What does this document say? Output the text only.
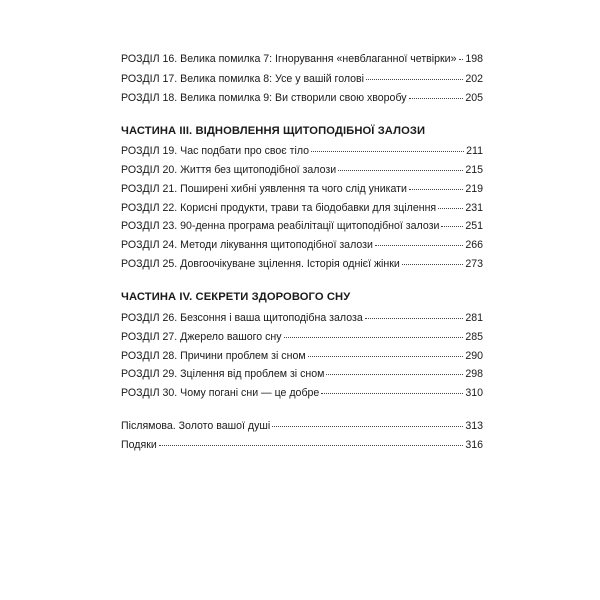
РОЗДІЛ 16. Велика помилка 7: Ігнорування «невблаганної четвірки» 198
РОЗДІЛ 17. Велика помилка 8: Усе у вашій голові	202
РОЗДІЛ 18. Велика помилка 9: Ви створили свою хворобу	205
ЧАСТИНА III. ВІДНОВЛЕННЯ ЩИТОПОДІБНОЇ ЗАЛОЗИ
РОЗДІЛ 19. Час подбати про своє тіло	211
РОЗДІЛ 20. Життя без щитоподібної залози	215
РОЗДІЛ 21. Поширені хибні уявлення та чого слід уникати	219
РОЗДІЛ 22. Корисні продукти, трави та біодобавки для зцілення	231
РОЗДІЛ 23. 90-денна програма реабілітації щитоподібної залози 251
РОЗДІЛ 24. Методи лікування щитоподібної залози	266
РОЗДІЛ 25. Довгоочікуване зцілення. Історія однієї жінки	273
ЧАСТИНА IV. СЕКРЕТИ ЗДОРОВОГО СНУ
РОЗДІЛ 26. Безсоння і ваша щитоподібна залоза	281
РОЗДІЛ 27. Джерело вашого сну	285
РОЗДІЛ 28. Причини проблем зі сном	290
РОЗДІЛ 29. Зцілення від проблем зі сном	298
РОЗДІЛ 30. Чому погані сни — це добре	310
Післямова. Золото вашої душі	313
Подяки	316
